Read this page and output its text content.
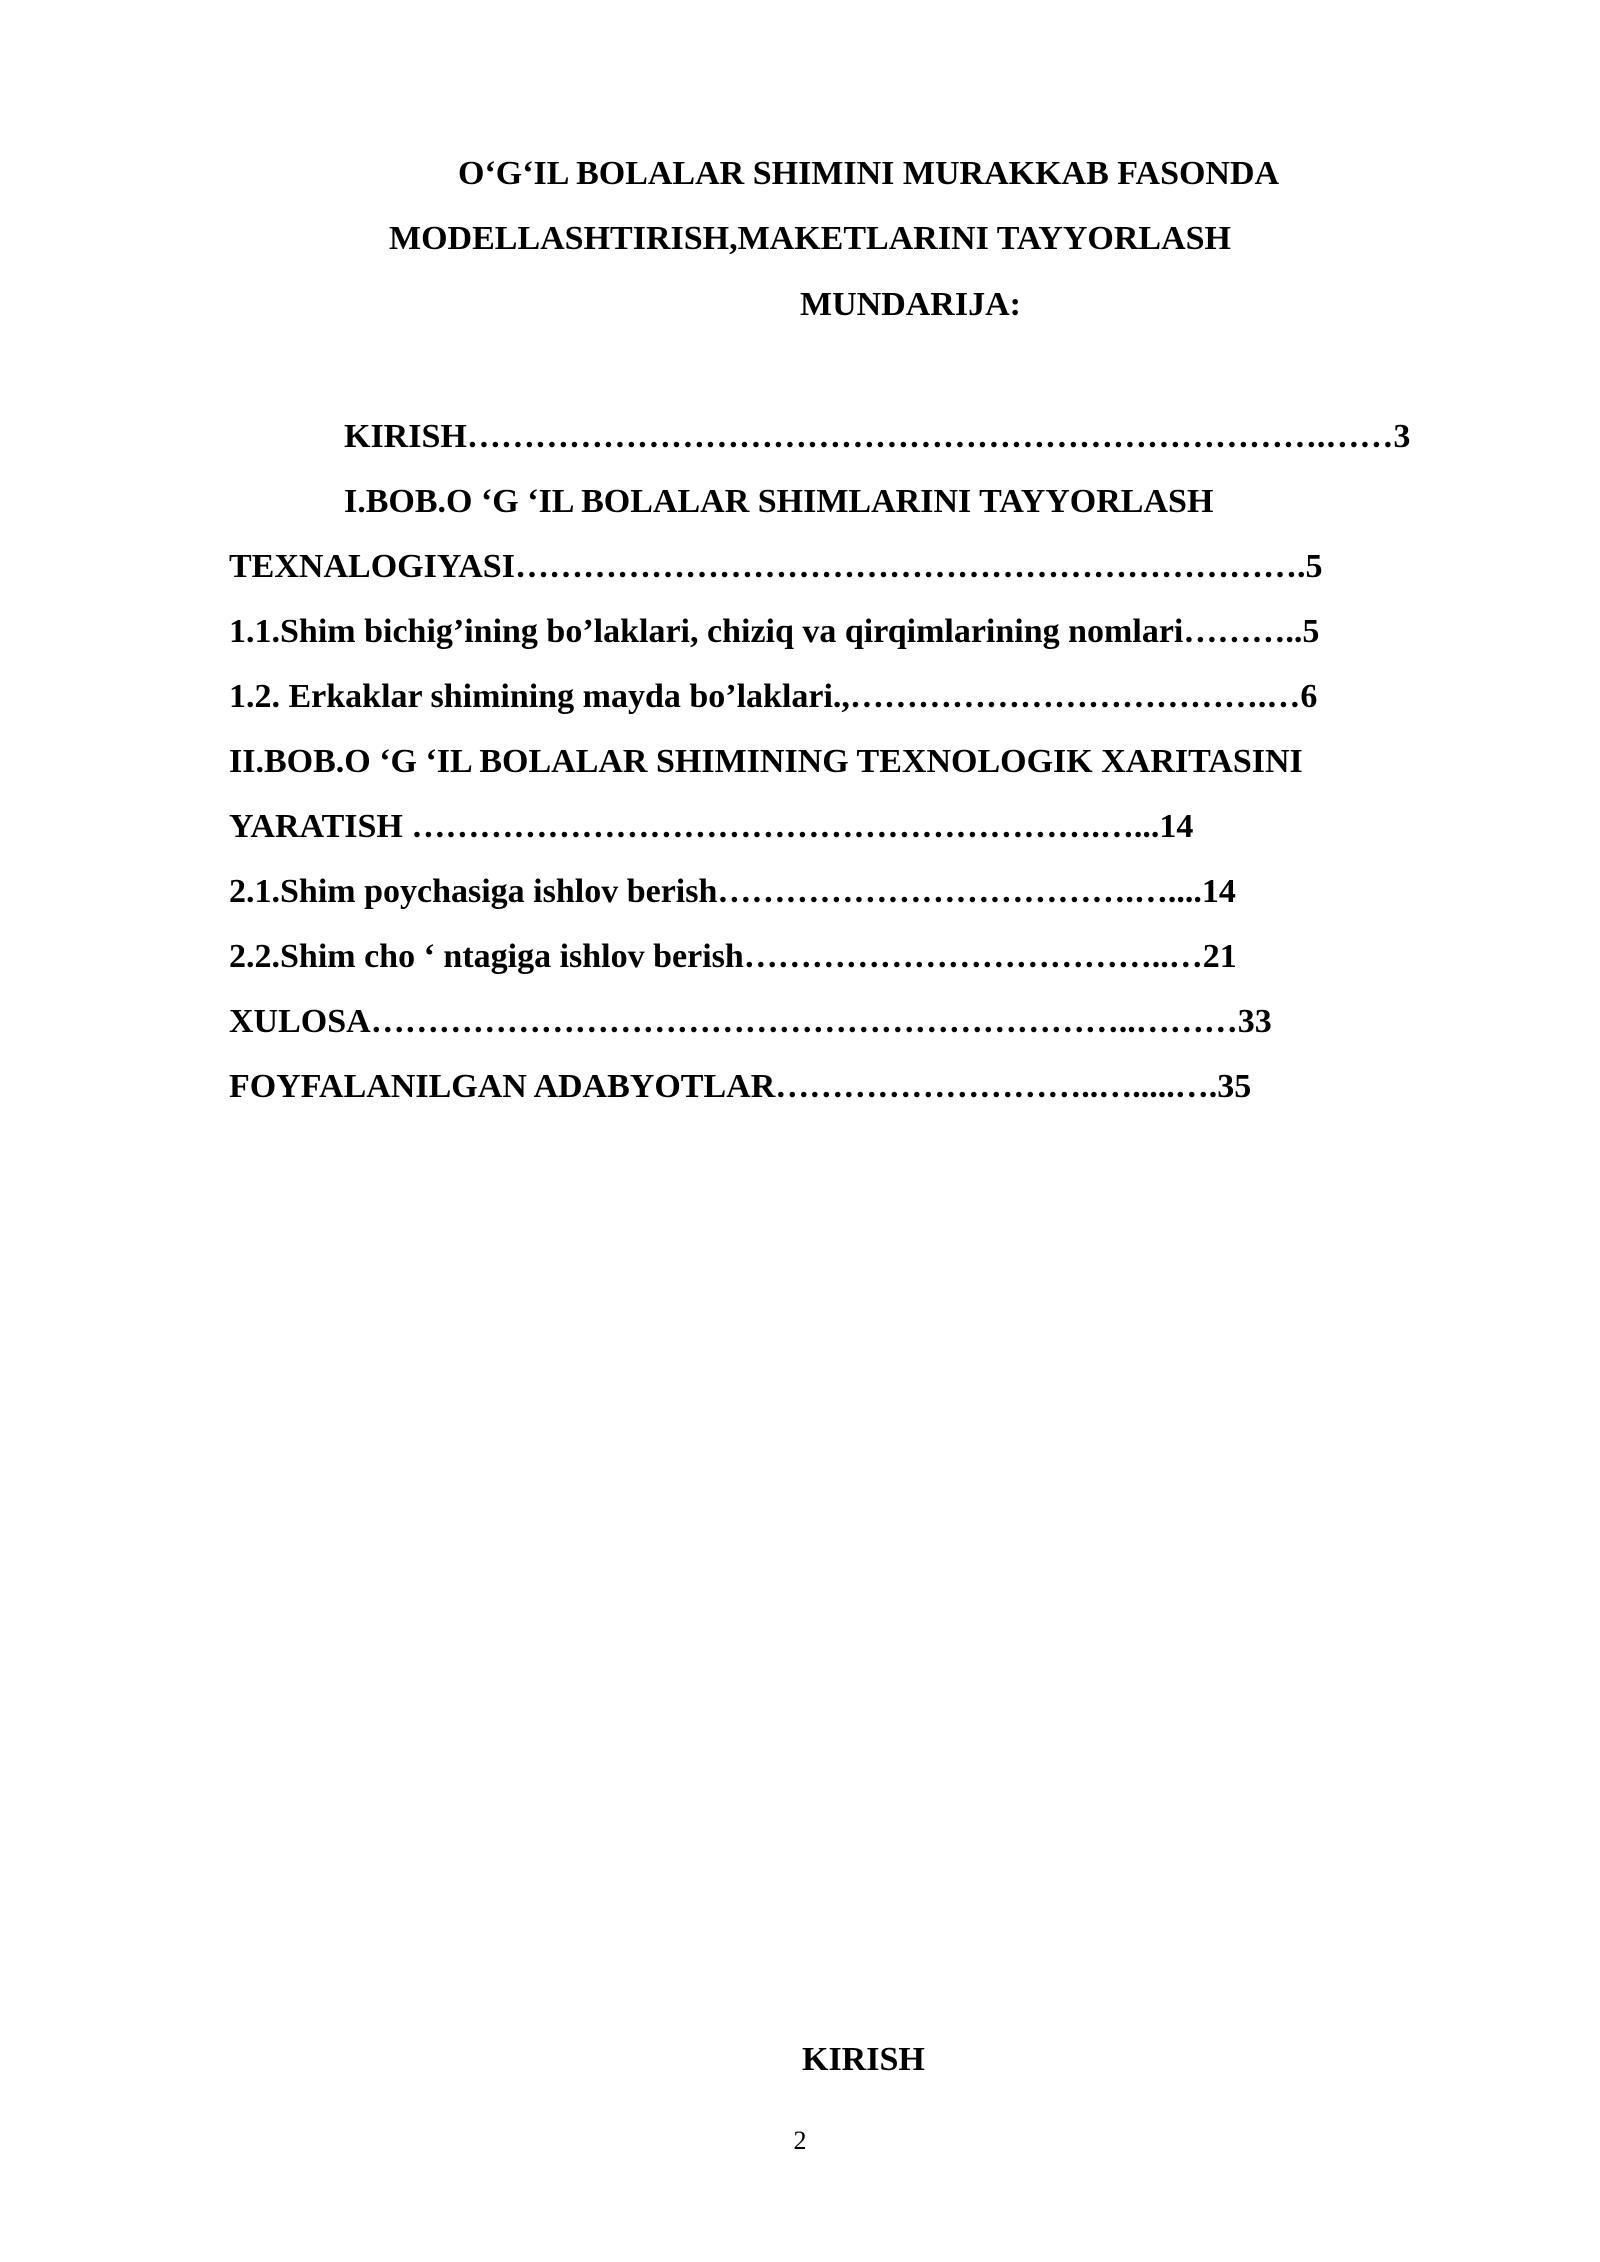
O‘G‘IL BOLALAR SHIMINI MURAKKAB FASONDA

MODELLASHTIRISH,MAKETLARINI TAYYORLASH

MUNDARIJA:

KIRISH………………………………………………………………….……3

I.BOB.O ‘G ‘IL BOLALAR SHIMLARINI TAYYORLASH

TEXNALOGIYASI…………………………………………………………….5

1.1.Shim bichig’ining bo’laklari, chiziq va qirqimlarining nomlari………..5

1.2. Erkaklar shimining mayda bo’laklari.,……………………………….…6

II.BOB.O ‘G ‘IL BOLALAR SHIMINING TEXNOLOGIK XARITASINI

YARATISH …………………………………………………….…...14

2.1.Shim poychasiga ishlov berish……………………………….…....14

2.2.Shim cho ‘ ntagiga ishlov berish………………………………..…21

XULOSA…………………………………………………………..………33

FOYFALANILGAN ADABYOTLAR………………………..….....….35

KIRISH

2
